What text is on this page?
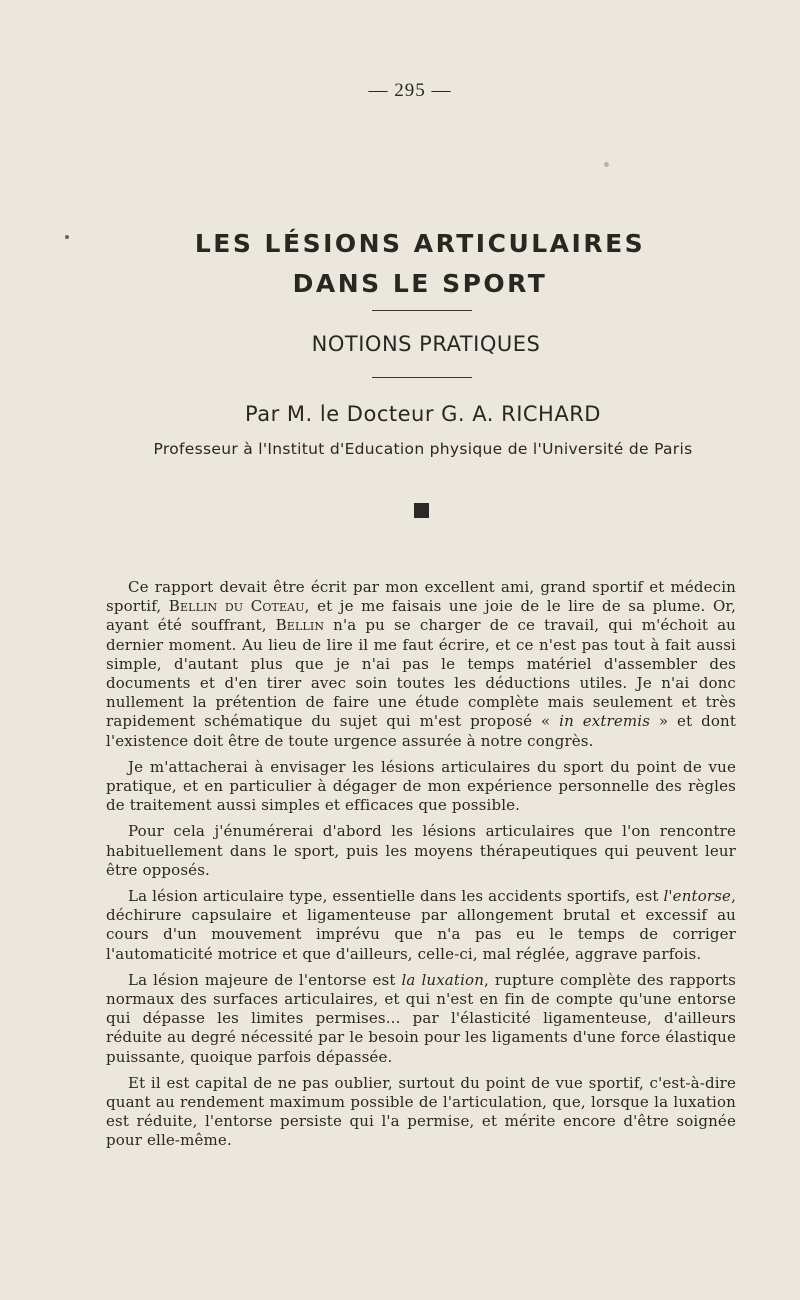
— 295 —
LES LÉSIONS ARTICULAIRES
DANS LE SPORT
NOTIONS PRATIQUES
Par M. le Docteur G. A. RICHARD
Professeur à l'Institut d'Education physique de l'Université de Paris

Ce rapport devait être écrit par mon excellent ami, grand sportif et médecin sportif, Bellin du Coteau, et je me faisais une joie de le lire de sa plume. Or, ayant été souffrant, Bellin n'a pu se charger de ce travail, qui m'échoit au dernier moment. Au lieu de lire il me faut écrire, et ce n'est pas tout à fait aussi simple, d'autant plus que je n'ai pas le temps matériel d'assembler des documents et d'en tirer avec soin toutes les déductions utiles. Je n'ai donc nullement la prétention de faire une étude complète mais seulement et très rapidement schématique du sujet qui m'est proposé « in extremis » et dont l'existence doit être de toute urgence assurée à notre congrès.

Je m'attacherai à envisager les lésions articulaires du sport du point de vue pratique, et en particulier à dégager de mon expérience personnelle des règles de traitement aussi simples et efficaces que possible.

Pour cela j'énumérerai d'abord les lésions articulaires que l'on rencontre habituellement dans le sport, puis les moyens thérapeutiques qui peuvent leur être opposés.

La lésion articulaire type, essentielle dans les accidents sportifs, est l'entorse, déchirure capsulaire et ligamenteuse par allongement brutal et excessif au cours d'un mouvement imprévu que n'a pas eu le temps de corriger l'automaticité motrice et que d'ailleurs, celle-ci, mal réglée, aggrave parfois.

La lésion majeure de l'entorse est la luxation, rupture complète des rapports normaux des surfaces articulaires, et qui n'est en fin de compte qu'une entorse qui dépasse les limites permises... par l'élasticité ligamenteuse, d'ailleurs réduite au degré nécessité par le besoin pour les ligaments d'une force élastique puissante, quoique parfois dépassée.

Et il est capital de ne pas oublier, surtout du point de vue sportif, c'est-à-dire quant au rendement maximum possible de l'articulation, que, lorsque la luxation est réduite, l'entorse persiste qui l'a permise, et mérite encore d'être soignée pour elle-même.
